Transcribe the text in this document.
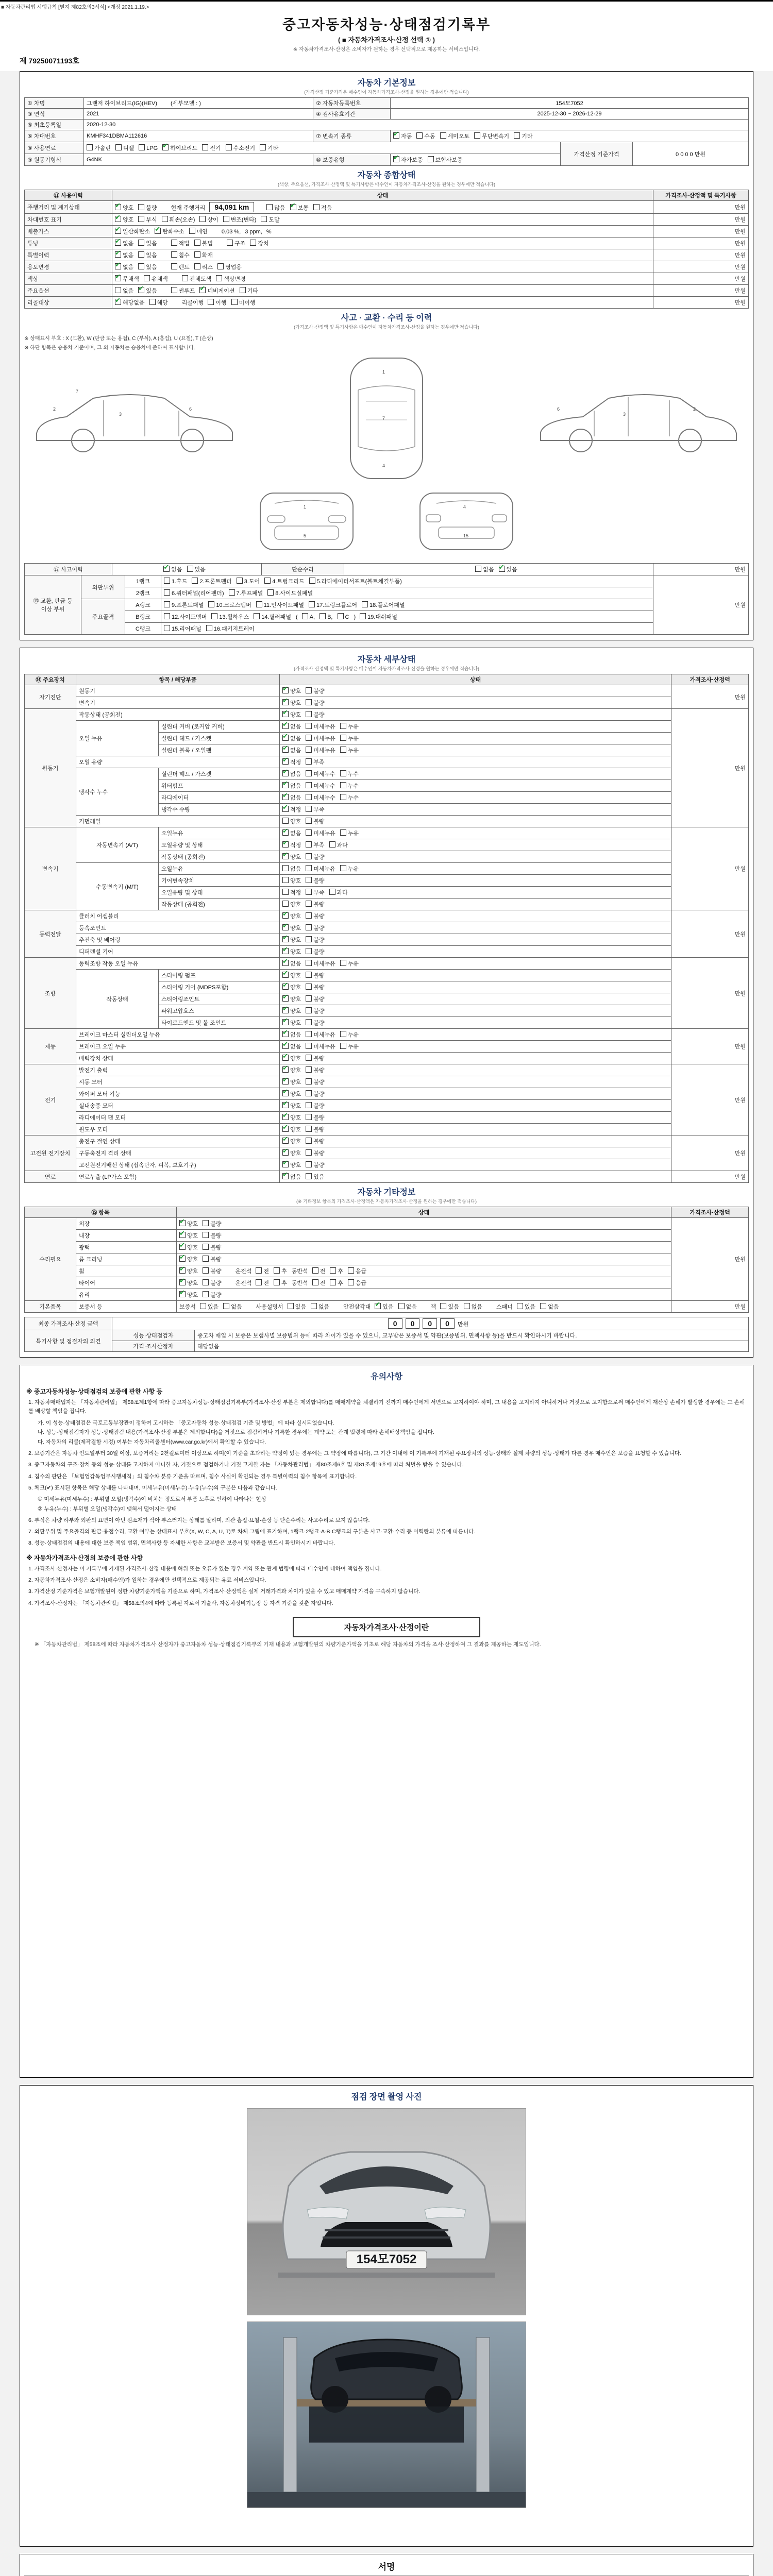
■ 자동차관리법 시행규칙 [별지 제82호의3서식] <개정 2021.1.19.>
중고자동차성능·상태점검기록부
( ■ 자동차가격조사·산정 선택 ① )
※ 자동차가격조사·산정은 소비자가 원하는 경우 선택적으로 제공하는 서비스입니다.
제 79250071193호
자동차 기본정보
(가격산정 기준가격은 매수인이 자동차가격조사·산정을 원하는 경우에만 적습니다)
① 차명	그랜저 하이브리드(IG)(HEV) (세부모델 : )	② 자동차등록번호	154모7052		
③ 연식	2021	④ 검사유효기간	2025-12-30 ~ 2026-12-29		
⑤ 최초등록일	2020-12-30				
⑥ 차대번호	KMHF341DBMA112616	⑦ 변속기 종류	✔자동 수동 세미오토 무단변속기 기타
⑧ 사용연료	가솔린 디젤 LPG ✔ 하이브리드 전기 수소전기 기타			가격산정 기준가격	0 0 0 0 만원
⑨ 원동기형식	G4NK	⑩ 보증유형	✔자가보증 보험사보증
자동차 종합상태
(색상, 주요옵션, 가격조사·산정액 및 특기사항은 매수인이 자동차가격조사·산정을 원하는 경우에만 적습니다)
⑪ 사용이력	상태	가격조사·산정액 및 특기사항
주행거리 및 계기상태	✔양호 불량 현재 주행거리 94,091 km 많음 ✔ 보통 적음	만원
차대번호 표기	✔양호 부식 훼손(오손) 상이 변조(변타) 도말	만원
배출가스	✔일산화탄소 ✔ 탄화수소 매연 0.03 %, 3 ppm, %	만원
튜닝	✔없음 있음 적법 불법 구조 장치	만원
특별이력	✔없음 있음 침수 화재	만원
용도변경	✔없음 있음 렌트 리스 영업용	만원
색상	✔무채색 유채색 전체도색 색상변경	만원
주요옵션	없음 ✔ 있음 썬루프 ✔ 네비게이션 기타	만원
리콜대상	✔해당없음 해당 리콜이행 이행 미이행	만원
사고 · 교환 · 수리 등 이력
(가격조사·산정액 및 특기사항은 매수인이 자동차가격조사·산정을 원하는 경우에만 적습니다)
※ 상태표시 부호 : X (교환), W (판금 또는 용접), C (부식), A (흠집), U (요철), T (손상)
※ 하단 항목은 승용차 기준이며, 그 외 자동차는 승용차에 준하여 표시합니다.
7
2
3
6
1
7
4
2
3
6
1
5
4
15
⑫ 사고이력	✔없음 있음	단순수리	없음 ✔ 있음	만원
⑬ 교환, 판금 등 이상 부위	외판부위	1랭크	1.후드 2.프론트펜더 3.도어 4.트렁크리드 5.라디에이터서포트(볼트체결부품)	만원
		2랭크	6.쿼터패널(리어펜더) 7.루프패널 8.사이드실패널	
	주요골격	A랭크	9.프론트패널 10.크로스멤버 11.인사이드패널 17.트렁크플로어 18.플로어패널	
		B랭크	12.사이드멤버 13.휠하우스 14.필러패널 ( A, B, C ) 19.대쉬패널	
		C랭크	15.리어패널 16.패키지트레이	
자동차 세부상태
(가격조사·산정액 및 특기사항은 매수인이 자동차가격조사·산정을 원하는 경우에만 적습니다)
⑭ 주요장치	항목 / 해당부품		상태	가격조사·산정액
자기진단	원동기	✔양호 불량	만원
	변속기	✔양호 불량
원동기	작동상태 (공회전)	✔양호 불량	만원
	오일 누유	실린더 커버 (로커암 커버)	✔없음 미세누유 누유
		실린더 헤드 / 가스켓	✔없음 미세누유 누유
		실린더 블록 / 오일팬	✔없음 미세누유 누유
	오일 유량	✔적정 부족
	냉각수 누수	실린더 헤드 / 가스켓	✔없음 미세누수 누수
		워터펌프	✔없음 미세누수 누수
		라디에이터	✔없음 미세누수 누수
		냉각수 수량	✔적정 부족
	커먼레일		양호 불량	
변속기	자동변속기 (A/T)	오일누유	✔없음 미세누유 누유	만원
		오일유량 및 상태	✔적정 부족 과다
		작동상태 (공회전)	✔양호 불량
	수동변속기 (M/T)	오일누유	없음 미세누유 누유	
		기어변속장치	양호 불량	
		오일유량 및 상태	적정 부족 과다	
		작동상태 (공회전)	양호 불량	
동력전달	클러치 어셈블리	✔양호 불량	만원
	등속조인트	✔양호 불량
	추진축 및 베어링	✔양호 불량
	디퍼렌셜 기어	✔양호 불량
조향	동력조향 작동 오일 누유	✔없음 미세누유 누유	만원
	작동상태	스티어링 펌프	✔양호 불량
		스티어링 기어 (MDPS포함)	✔양호 불량
		스티어링조인트	✔양호 불량
		파워고압호스	✔양호 불량
		타이로드엔드 및 볼 조인트	✔양호 불량
제동	브레이크 마스터 실린더오일 누유	✔없음 미세누유 누유	만원
	브레이크 오일 누유	✔없음 미세누유 누유
	배력장치 상태	✔양호 불량
전기	발전기 출력	✔양호 불량	만원
	시동 모터	✔양호 불량
	와이퍼 모터 기능	✔양호 불량
	실내송풍 모터	✔양호 불량
	라디에이터 팬 모터	✔양호 불량
	윈도우 모터	✔양호 불량
고전원 전기장치	충전구 절연 상태	✔양호 불량	만원
	구동축전지 격리 상태	✔양호 불량
	고전원전기배선 상태 (접속단자, 피복, 보호기구)	✔양호 불량
연료	연료누출 (LP가스 포함)	✔없음 있음	만원
자동차 기타정보
(※ 기타정보 항목의 가격조사·산정액은 자동차가격조사·산정을 원하는 경우에만 적습니다)
⑮ 항목		상태	가격조사·산정액
수리필요	외장	✔양호 불량	만원
	내장	✔양호 불량
	광택	✔양호 불량
	룸 크리닝	✔양호 불량
	휠	✔양호 불량 운전석 전 후 동반석 전 후 응급
	타이어	✔양호 불량 운전석 전 후 동반석 전 후 응급
	유리	✔양호 불량
기본품목	보증서 등	보증서 있음 없음 사용설명서 있음 없음 안전삼각대 ✔ 있음 없음 잭 있음 없음 스패너 있음 없음	만원
최종 가격조사·산정 금액	0 0 0 0 만원	
특기사항 및 점검자의 의견	성능·상태점검자	중고차 매입 시 보증은 보험사별 보증범위 등에 따라 차이가 있을 수 있으니, 교부받은 보증서 및 약관(보증범위, 면책사항 등)을 반드시 확인하시기 바랍니다.
	가격·조사산정자	해당없음
유의사항

※ 중고자동차성능·상태점검의 보증에 관한 사항 등

1. 자동차매매업자는 「자동차관리법」 제58조제1항에 따라 중고자동차성능·상태점검기록부(가격조사·산정 부분은 제외합니다)를 매매계약을 체결하기 전까지 매수인에게 서면으로 고지하여야 하며, 그 내용을 고지하지 아니하거나 거짓으로 고지함으로써 매수인에게 재산상 손해가 발생한 경우에는 그 손해를 배상할 책임을 집니다.

가. 이 성능·상태점검은 국토교통부장관이 정하여 고시하는 「중고자동차 성능·상태점검 기준 및 방법」에 따라 실시되었습니다.

나. 성능·상태점검자가 성능·상태점검 내용(가격조사·산정 부분은 제외합니다)을 거짓으로 점검하거나 기록한 경우에는 계약 또는 관계 법령에 따라 손해배상책임을 집니다.

다. 자동차의 리콜(제작결함 시정) 여부는 자동차리콜센터(www.car.go.kr)에서 확인할 수 있습니다.

2. 보증기간은 자동차 인도일부터 30일 이상, 보증거리는 2천킬로미터 이상으로 하며(이 기준을 초과하는 약정이 있는 경우에는 그 약정에 따릅니다), 그 기간 이내에 이 기록부에 기재된 주요장치의 성능·상태와 실제 차량의 성능·상태가 다른 경우 매수인은 보증을 요청할 수 있습니다.

3. 중고자동차의 구조·장치 등의 성능·상태를 고지하지 아니한 자, 거짓으로 점검하거나 거짓 고지한 자는 「자동차관리법」 제80조제6호 및 제81조제19호에 따라 처벌을 받을 수 있습니다.

4. 침수의 판단은 「보험업감독업무시행세칙」의 침수차 분류 기준을 따르며, 침수 사실이 확인되는 경우 특별이력의 침수 항목에 표기합니다.

5. 체크(✔) 표시된 항목은 해당 상태를 나타내며, 미세누유(미세누수)·누유(누수)의 구분은 다음과 같습니다.

① 미세누유(미세누수) : 부위별 오일(냉각수)이 비치는 정도로서 부품 노후로 인하여 나타나는 현상

② 누유(누수) : 부위별 오일(냉각수)이 맺혀서 떨어지는 상태

6. 부식은 차량 하부와 외판의 표면이 아닌 원소재가 삭아 부스러지는 상태를 말하며, 외관 흠집·요철·손상 등 단순수리는 사고수리로 보지 않습니다.

7. 외판부위 및 주요골격의 판금·용접수리, 교환 여부는 상태표시 부호(X, W, C, A, U, T)로 차체 그림에 표기하며, 1랭크·2랭크·A·B·C랭크의 구분은 사고·교환·수리 등 이력란의 분류에 따릅니다.

8. 성능·상태점검의 내용에 대한 보증 책임 범위, 면책사항 등 자세한 사항은 교부받은 보증서 및 약관을 반드시 확인하시기 바랍니다.

※ 자동차가격조사·산정의 보증에 관한 사항

1. 가격조사·산정자는 이 기록부에 기재된 가격조사·산정 내용에 허위 또는 오류가 있는 경우 계약 또는 관계 법령에 따라 매수인에 대하여 책임을 집니다.

2. 자동차가격조사·산정은 소비자(매수인)가 원하는 경우에만 선택적으로 제공되는 유료 서비스입니다.

3. 가격산정 기준가격은 보험개발원이 정한 차량기준가액을 기준으로 하며, 가격조사·산정액은 실제 거래가격과 차이가 있을 수 있고 매매계약 가격을 구속하지 않습니다.

4. 가격조사·산정자는 「자동차관리법」 제58조의4에 따라 등록된 자로서 기술사, 자동차정비기능장 등 자격 기준을 갖춘 자입니다.

자동차가격조사·산정이란
※ 「자동차관리법」 제58조에 따라 자동차가격조사·산정자가 중고자동차 성능·상태점검기록부의 기재 내용과 보험개발원의 차량기준가액을 기초로 해당 자동차의 가격을 조사·산정하여 그 결과를 제공하는 제도입니다.
점검 장면 촬영 사진
154모7052
서명
